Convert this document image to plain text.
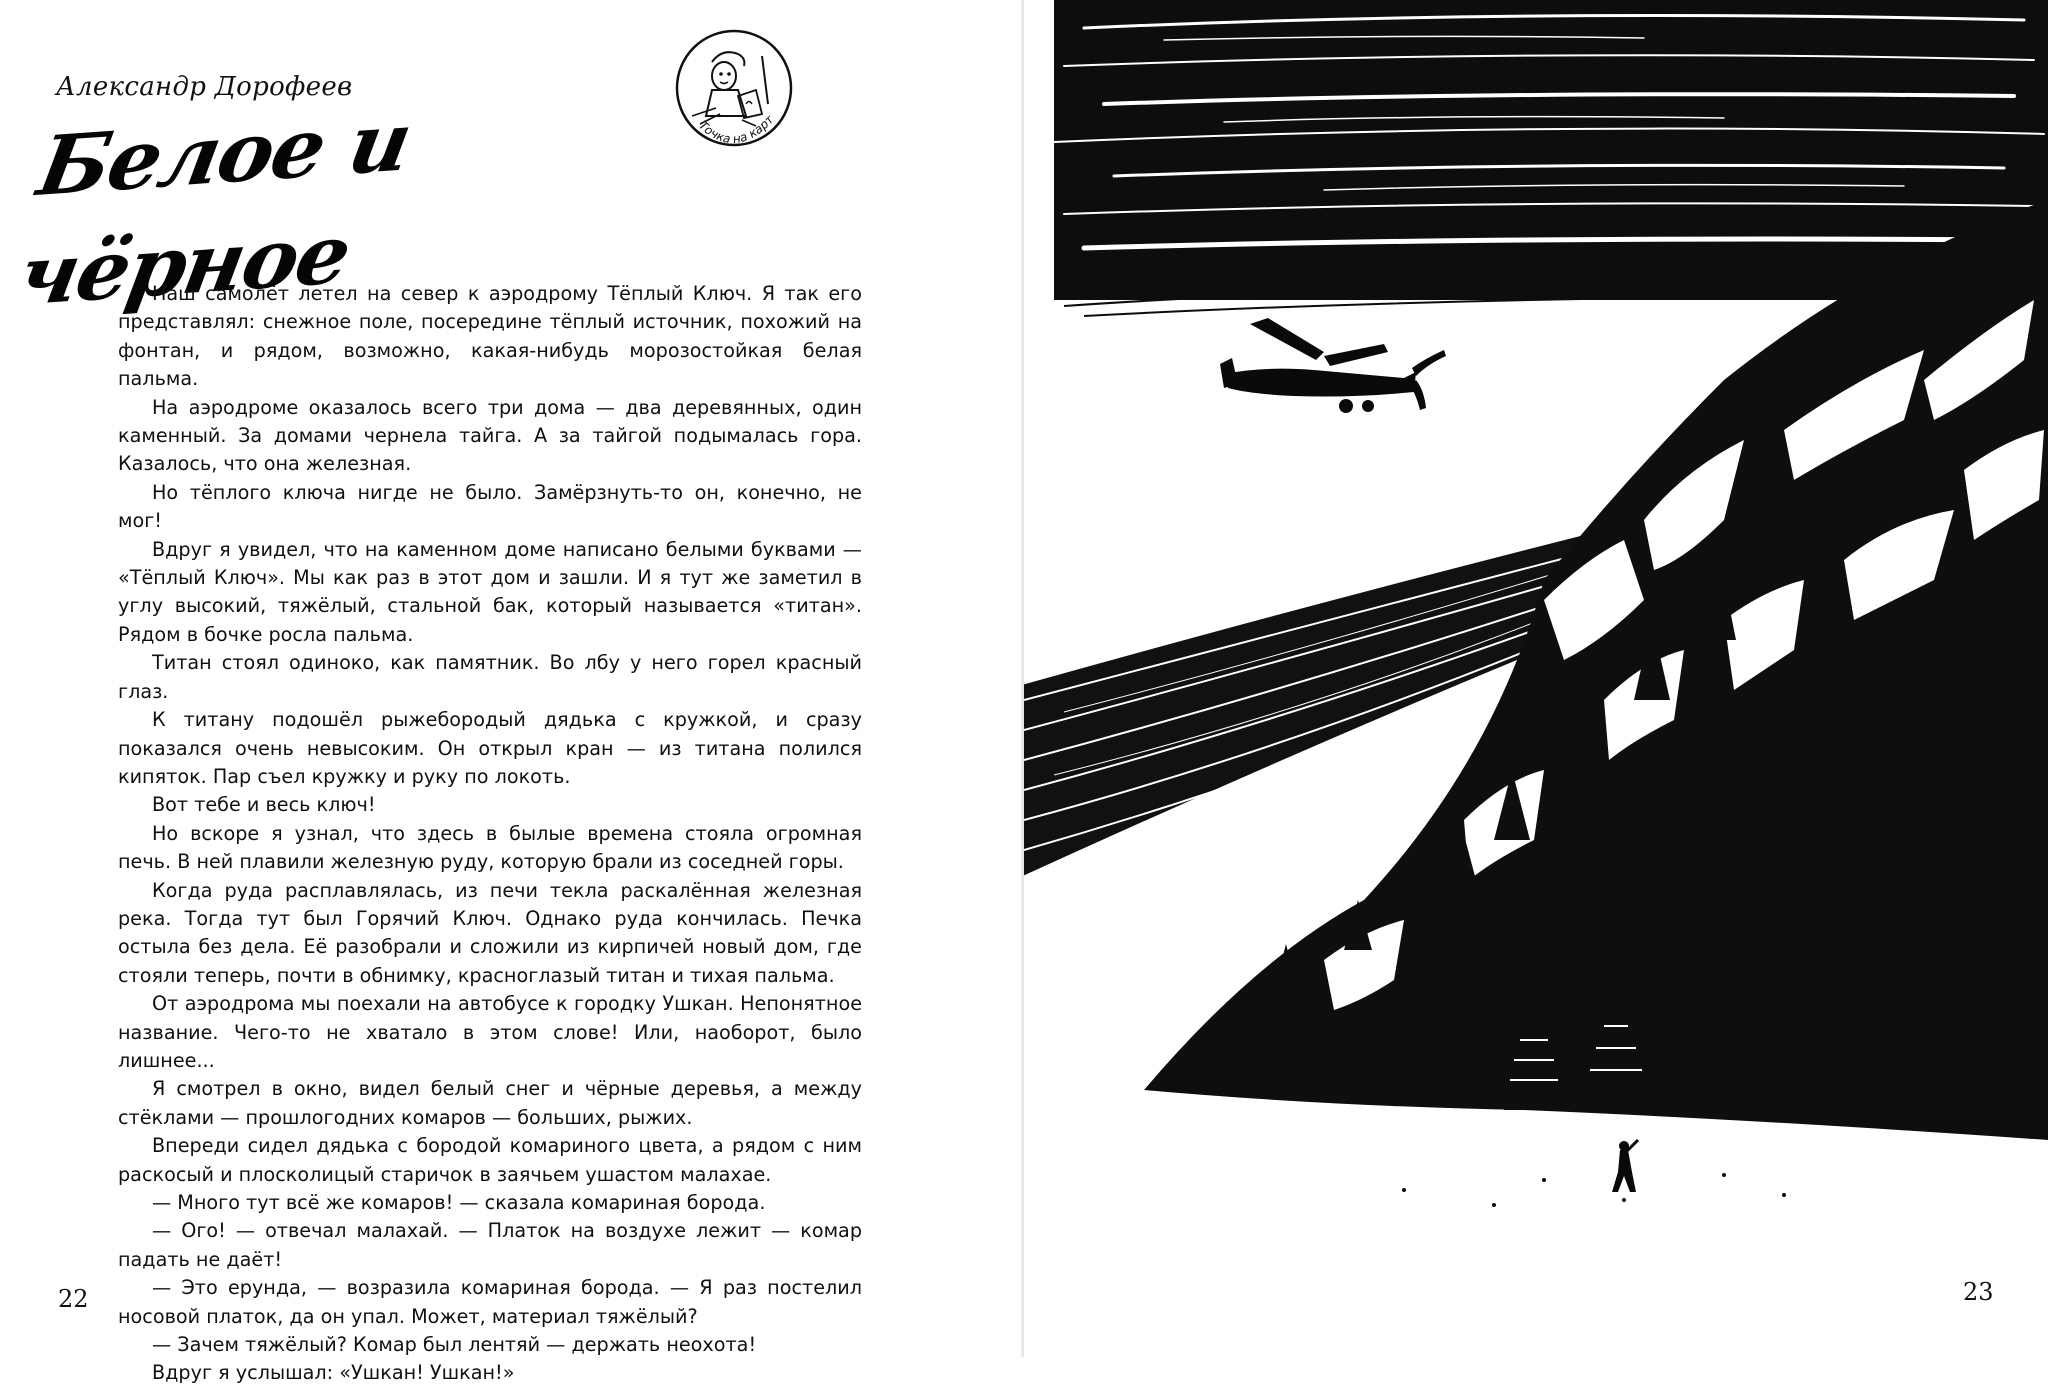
Александр Дорофеев
Белое и чёрное
Точка на карт

Наш самолёт летел на север к аэродрому Тёплый Ключ. Я так его представлял: снежное поле, посередине тёплый источник, похожий на фонтан, и рядом, возможно, какая-нибудь морозостойкая белая пальма.

На аэродроме оказалось всего три дома — два деревянных, один каменный. За домами чернела тайга. А за тайгой подымалась гора. Казалось, что она железная.

Но тёплого ключа нигде не было. Замёрзнуть-то он, конечно, не мог!

Вдруг я увидел, что на каменном доме написано белыми буквами — «Тёплый Ключ». Мы как раз в этот дом и зашли. И я тут же заметил в углу высокий, тяжёлый, стальной бак, который называется «титан». Рядом в бочке росла пальма.

Титан стоял одиноко, как памятник. Во лбу у него горел красный глаз.

К титану подошёл рыжебородый дядька с кружкой, и сразу показался очень невысоким. Он открыл кран — из титана полился кипяток. Пар съел кружку и руку по локоть.

Вот тебе и весь ключ!

Но вскоре я узнал, что здесь в былые времена стояла огромная печь. В ней плавили железную руду, которую брали из соседней горы.

Когда руда расплавлялась, из печи текла раскалённая железная река. Тогда тут был Горячий Ключ. Однако руда кончилась. Печка остыла без дела. Её разобрали и сложили из кирпичей новый дом, где стояли теперь, почти в обнимку, красноглазый титан и тихая пальма.

От аэродрома мы поехали на автобусе к городку Ушкан. Непонятное название. Чего-то не хватало в этом слове! Или, наоборот, было лишнее...

Я смотрел в окно, видел белый снег и чёрные деревья, а между стёклами — прошлогодних комаров — больших, рыжих.

Впереди сидел дядька с бородой комариного цвета, а рядом с ним раскосый и плосколицый старичок в заячьем ушастом малахае.

— Много тут всё же комаров! — сказала комариная борода.

— Ого! — отвечал малахай. — Платок на воздухе лежит — комар падать не даёт!

— Это ерунда, — возразила комариная борода. — Я раз постелил носовой платок, да он упал. Может, материал тяжёлый?

— Зачем тяжёлый? Комар был лентяй — держать неохота!

Вдруг я услышал: «Ушкан! Ушкан!»

22	23
